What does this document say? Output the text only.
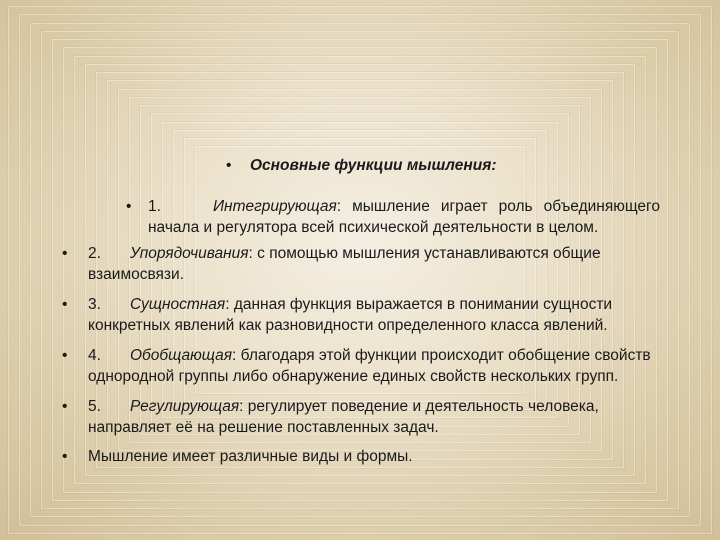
• Основные функции мышления:
• 1.	Интегрирующая: мышление играет роль объединяющего начала и регулятора всей психической деятельности в целом.
• 2. Упорядочивания: с помощью мышления устанавливаются общие взаимосвязи.
• 3. Сущностная: данная функция выражается в понимании сущности конкретных явлений как разновидности определенного класса явлений.
• 4. Обобщающая: благодаря этой функции происходит обобщение свойств однородной группы либо обнаружение единых свойств нескольких групп.
• 5. Регулирующая: регулирует поведение и деятельность человека, направляет её на решение поставленных задач.
• Мышление имеет различные виды и формы.
